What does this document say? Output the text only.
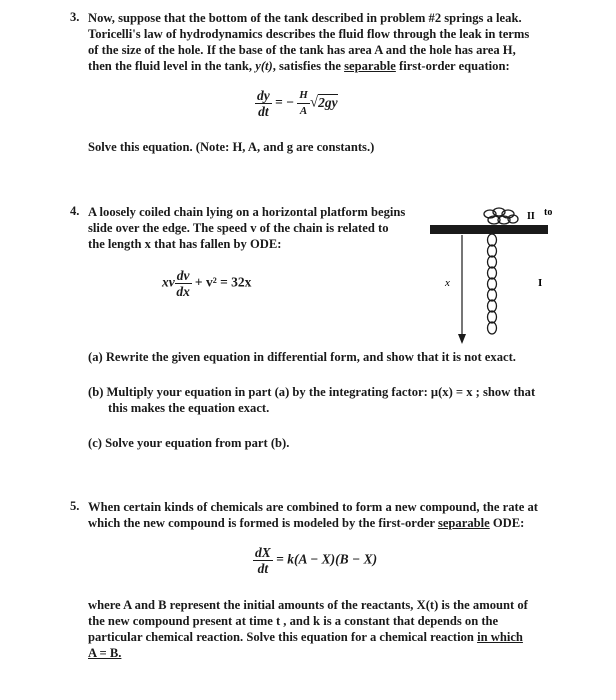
3. Now, suppose that the bottom of the tank described in problem #2 springs a leak.
Toricelli's law of hydrodynamics describes the fluid flow through the leak in terms
of the size of the hole. If the base of the tank has area A and the hole has area H,
then the fluid level in the tank, y(t), satisfies the separable first-order equation:
$\frac{dy}{dt}$ = − $\frac{H}{A} √2gy$
Solve this equation. (Note: H, A, and g are constants.)
4. A loosely coiled chain lying on a horizontal platform begins
slide over the edge. The speed v of the chain is related to
the length x that has fallen by ODE:
xv $\frac{dv}{dx} + v^2 = 32x$
II to
I
x
(a) Rewrite the given equation in differential form, and show that it is not exact.
(b) Multiply your equation in part (a) by the integrating factor: μ(x) = x ; show that
this makes the equation exact.
(c) Solve your equation from part (b).
5. When certain kinds of chemicals are combined to form a new compound, the rate at
which the new compound is formed is modeled by the first-order separable ODE:
$\frac{dX}{dt} = k(A - X)(B - X)$
where A and B represent the initial amounts of the reactants, X(t) is the amount of
the new compound present at time t , and k is a constant that depends on the
particular chemical reaction. Solve this equation for a chemical reaction in which
A = B.
